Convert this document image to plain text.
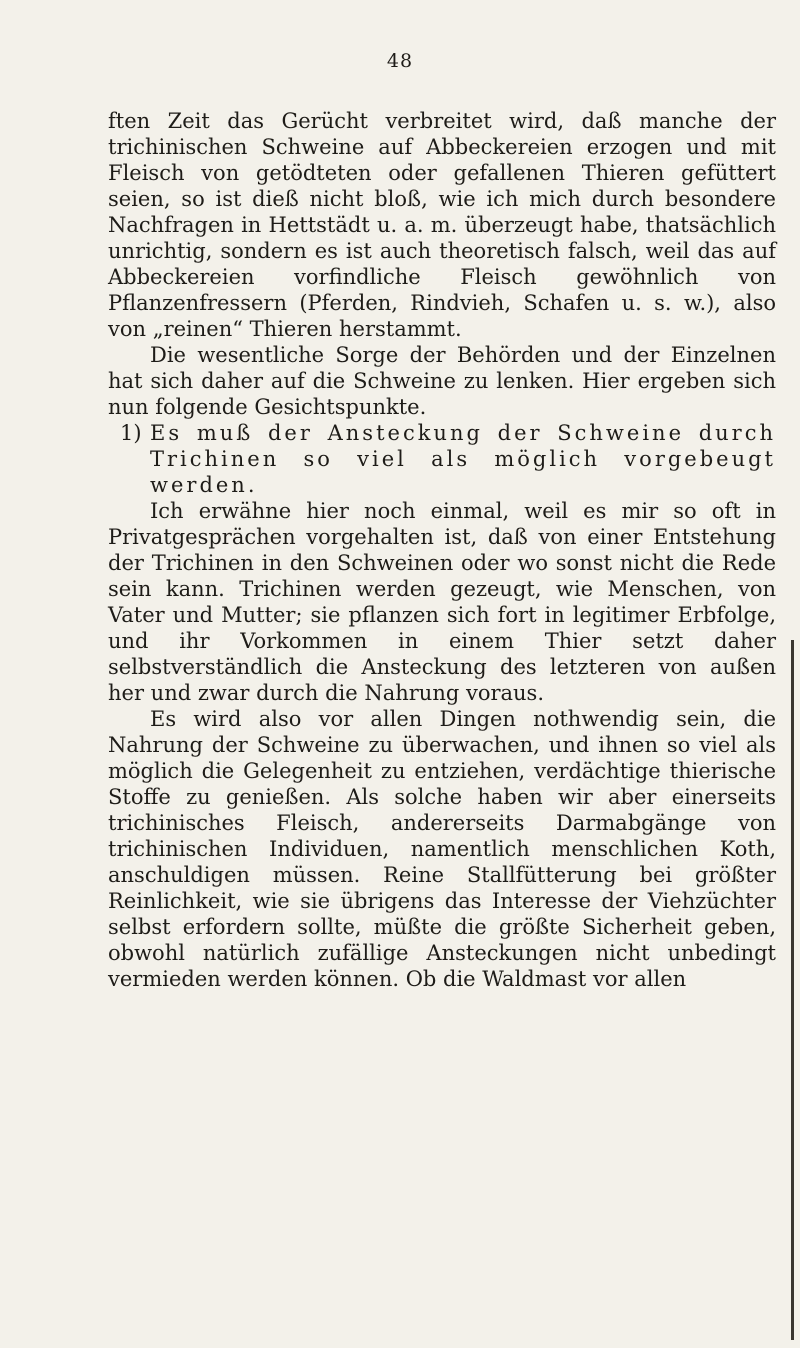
48

ften Zeit das Gerücht verbreitet wird, daß manche der trichinischen Schweine auf Abbeckereien erzogen und mit Fleisch von getödteten oder gefallenen Thieren gefüttert seien, so ist dieß nicht bloß, wie ich mich durch besondere Nachfragen in Hettstädt u. a. m. überzeugt habe, thatsächlich unrichtig, sondern es ist auch theoretisch falsch, weil das auf Abbeckereien vorfindliche Fleisch gewöhnlich von Pflanzenfressern (Pferden, Rindvieh, Schafen u. s. w.), also von „reinen“ Thieren herstammt.

Die wesentliche Sorge der Behörden und der Einzelnen hat sich daher auf die Schweine zu lenken. Hier ergeben sich nun folgende Gesichtspunkte.

1) Es muß der Ansteckung der Schweine durch Trichinen so viel als möglich vorgebeugt werden.

Ich erwähne hier noch einmal, weil es mir so oft in Privatgesprächen vorgehalten ist, daß von einer Entstehung der Trichinen in den Schweinen oder wo sonst nicht die Rede sein kann. Trichinen werden gezeugt, wie Menschen, von Vater und Mutter; sie pflanzen sich fort in legitimer Erbfolge, und ihr Vorkommen in einem Thier setzt daher selbstverständlich die Ansteckung des letzteren von außen her und zwar durch die Nahrung voraus.

Es wird also vor allen Dingen nothwendig sein, die Nahrung der Schweine zu überwachen, und ihnen so viel als möglich die Gelegenheit zu entziehen, verdächtige thierische Stoffe zu genießen. Als solche haben wir aber einerseits trichinisches Fleisch, andererseits Darmabgänge von trichinischen Individuen, namentlich menschlichen Koth, anschuldigen müssen. Reine Stallfütterung bei größter Reinlichkeit, wie sie übrigens das Interesse der Viehzüchter selbst erfordern sollte, müßte die größte Sicherheit geben, obwohl natürlich zufällige Ansteckungen nicht unbedingt vermieden werden können. Ob die Waldmast vor allen
